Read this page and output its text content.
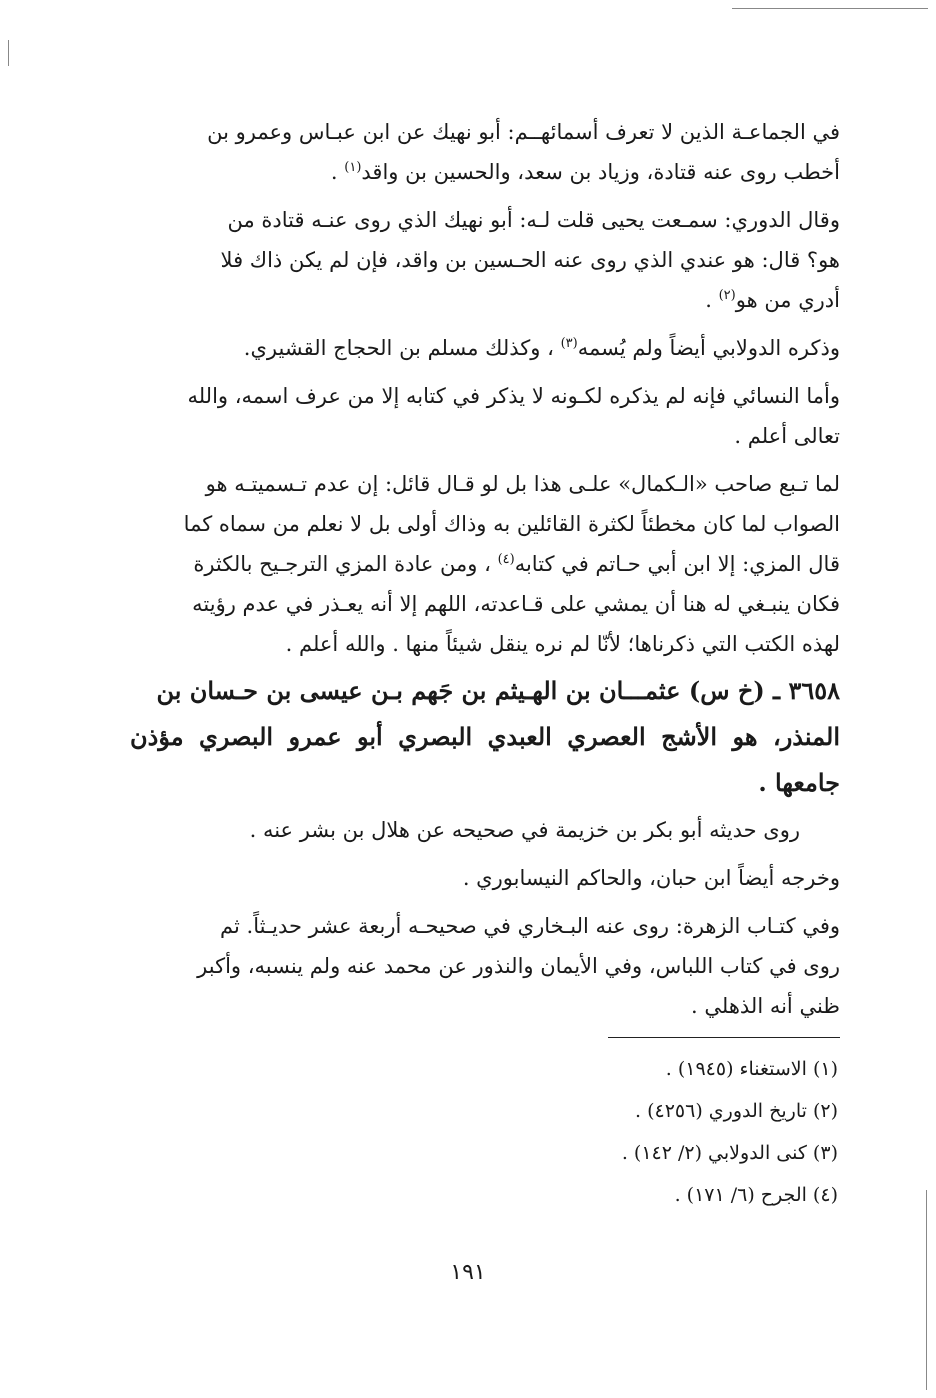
في الجماعـة الذين لا تعرف أسمائهــم: أبو نهيك عن ابن عبـاس وعمرو بن
أخطب روى عنه قتادة، وزياد بن سعد، والحسين بن واقد$^{(١)}$ .

وقال الدوري: سمـعت يحيى قلت لـه: أبو نهيك الذي روى عنـه قتادة من
هو؟ قال: هو عندي الذي روى عنه الحـسين بن واقد، فإن لم يكن ذاك فلا
أدري من هو$^{(٢)}$ .

وذكره الدولابي أيضاً ولم يُسمه$^{(٣)}$ ، وكذلك مسلم بن الحجاج القشيري.

وأما النسائي فإنه لم يذكره لكـونه لا يذكر في كتابه إلا من عرف اسمه، والله
تعالى أعلم .

لما تـبع صاحب «الـكمال» علـى هذا بل لو قـال قائل: إن عدم تـسميتـه هو
الصواب لما كان مخطئاً لكثرة القائلين به وذاك أولى بل لا نعلم من سماه كما
قال المزي: إلا ابن أبي حـاتم في كتابه$^{(٤)}$ ، ومن عادة المزي الترجـيح بالكثرة
فكان ينبـغي له هنا أن يمشي على قـاعدته، اللهم إلا أنه يعـذر في عدم رؤيته
لهذه الكتب التي ذكرناها؛ لأنّا لم نره ينقل شيئاً منها . والله أعلم .

٣٦٥٨ ـ (خ س) عثمـــان بن الهـيثم بن جَهم بـن عيسى بن حـسان بن
المنذر، هو الأشج العصري العبدي البصري أبو عمرو البصري مؤذن جامعها .

روى حديثه أبو بكر بن خزيمة في صحيحه عن هلال بن بشر عنه .

وخرجه أيضاً ابن حبان، والحاكم النيسابوري .

وفي كتـاب الزهرة: روى عنه البـخاري في صحيحـه أربعة عشر حديـثاً. ثم
روى في كتاب اللباس، وفي الأيمان والنذور عن محمد عنه ولم ينسبه، وأكبر
ظني أنه الذهلي .

(١) الاستغناء (١٩٤٥) .

(٢) تاريخ الدوري (٤٢٥٦) .

(٣) كنى الدولابي (٢/ ١٤٢) .

(٤) الجرح (٦/ ١٧١) .

١٩١
